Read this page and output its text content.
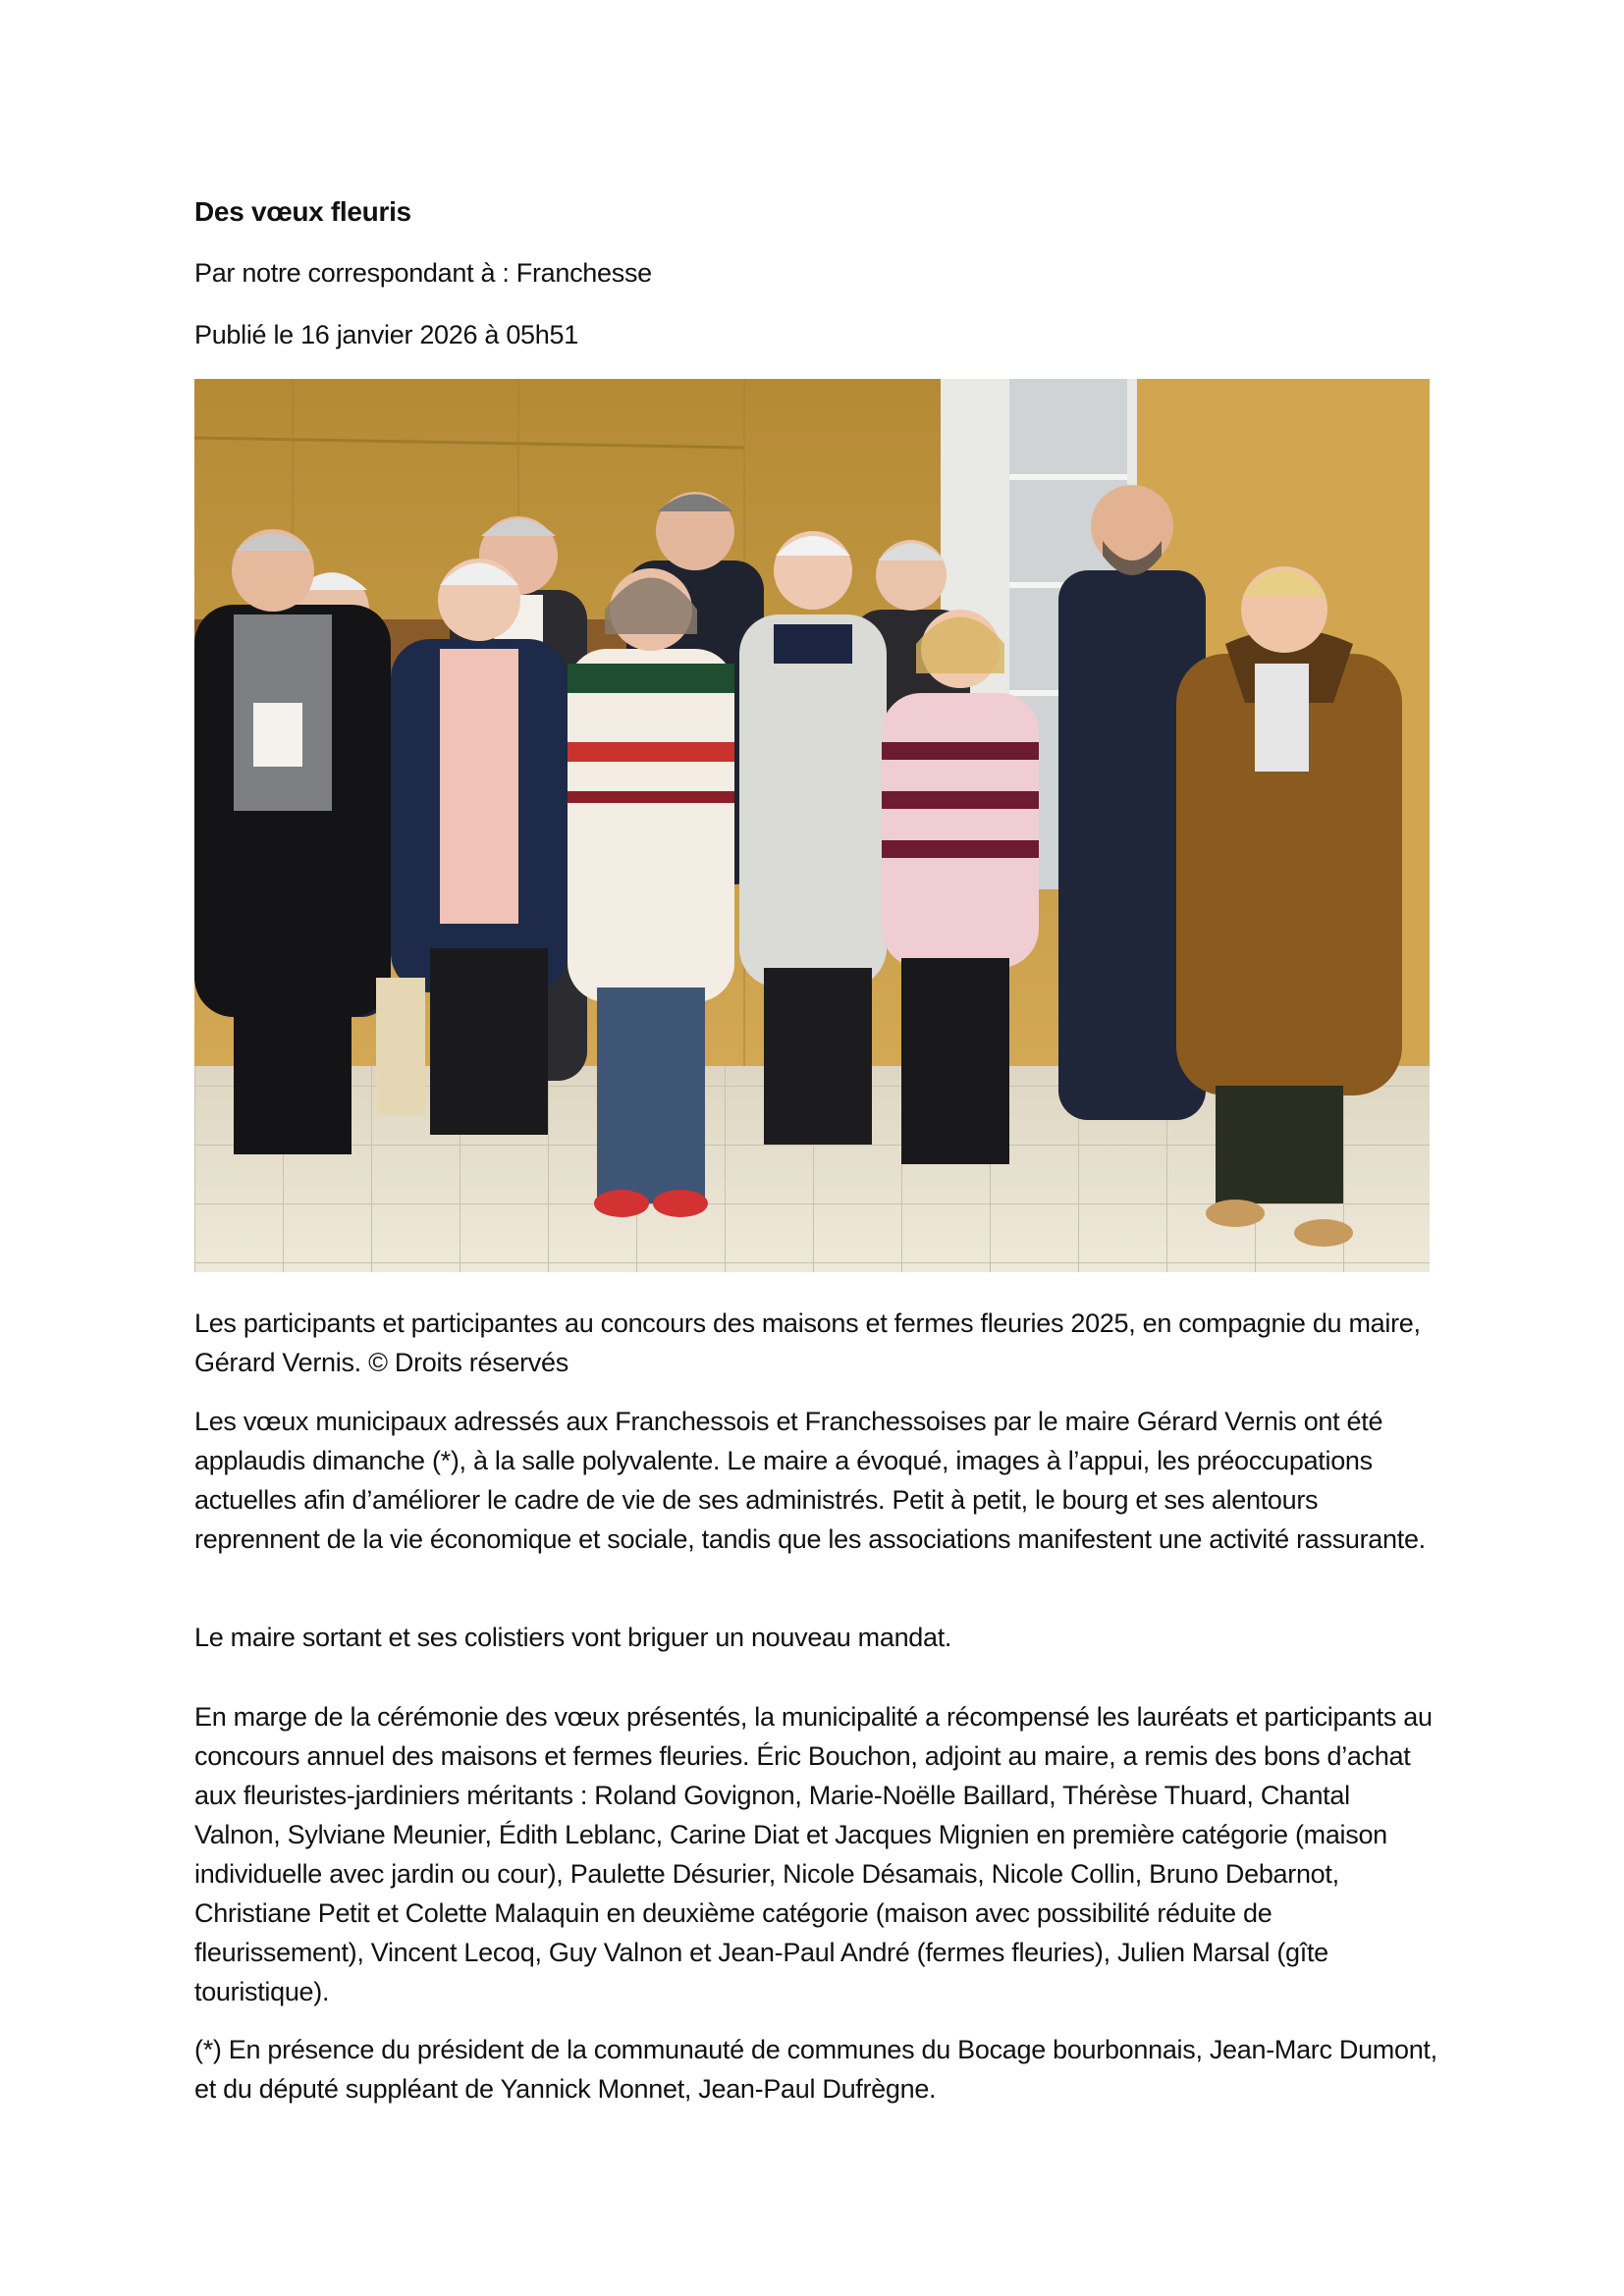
Des vœux fleuris

Par notre correspondant à : Franchesse

Publié le 16 janvier 2026 à 05h51

Les participants et participantes au concours des maisons et fermes fleuries 2025, en compagnie du maire, Gérard Vernis. © Droits réservés

Les vœux municipaux adressés aux Franchessois et Franchessoises par le maire Gérard Vernis ont été applaudis dimanche (*), à la salle polyvalente. Le maire a évoqué, images à l’appui, les préoccupations actuelles afin d’améliorer le cadre de vie de ses administrés. Petit à petit, le bourg et ses alentours reprennent de la vie économique et sociale, tandis que les associations manifestent une activité rassurante.

Le maire sortant et ses colistiers vont briguer un nouveau mandat.

En marge de la cérémonie des vœux présentés, la municipalité a récompensé les lauréats et participants au concours annuel des maisons et fermes fleuries. Éric Bouchon, adjoint au maire, a remis des bons d’achat aux fleuristes-jardiniers méritants : Roland Govignon, Marie-Noëlle Baillard, Thérèse Thuard, Chantal Valnon, Sylviane Meunier, Édith Leblanc, Carine Diat et Jacques Mignien en première catégorie (maison individuelle avec jardin ou cour), Paulette Désurier, Nicole Désamais, Nicole Collin, Bruno Debarnot, Christiane Petit et Colette Malaquin en deuxième catégorie (maison avec possibilité réduite de fleurissement), Vincent Lecoq, Guy Valnon et Jean-Paul André (fermes fleuries), Julien Marsal (gîte touristique).

(*) En présence du président de la communauté de communes du Bocage bourbonnais, Jean-Marc Dumont, et du député suppléant de Yannick Monnet, Jean-Paul Dufrègne.
